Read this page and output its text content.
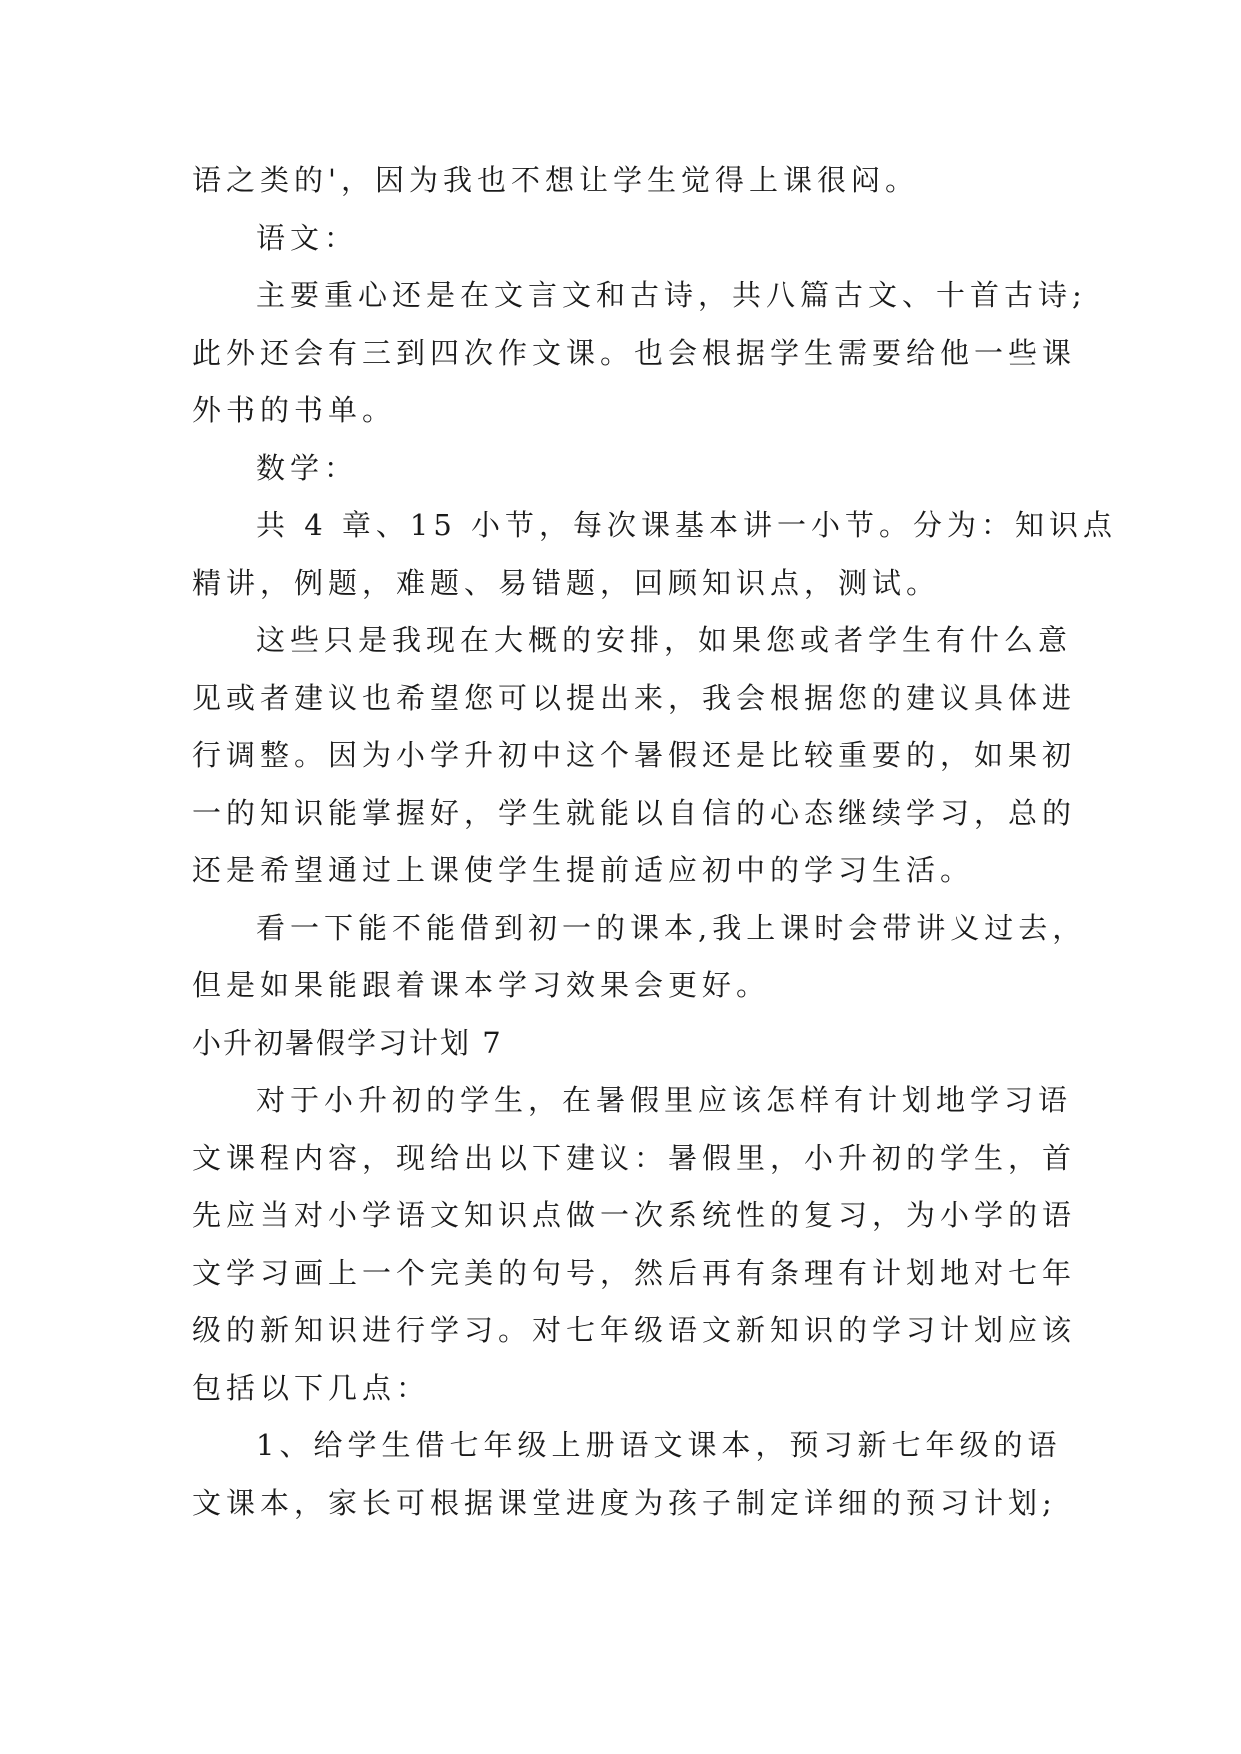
语之类的'，因为我也不想让学生觉得上课很闷。
语文：
主要重心还是在文言文和古诗，共八篇古文、十首古诗;
此外还会有三到四次作文课。也会根据学生需要给他一些课
外书的书单。
数学：
共 4 章、15 小节，每次课基本讲一小节。分为：知识点
精讲，例题，难题、易错题，回顾知识点，测试。
这些只是我现在大概的安排，如果您或者学生有什么意
见或者建议也希望您可以提出来，我会根据您的建议具体进
行调整。因为小学升初中这个暑假还是比较重要的，如果初
一的知识能掌握好，学生就能以自信的心态继续学习，总的
还是希望通过上课使学生提前适应初中的学习生活。
看一下能不能借到初一的课本,我上课时会带讲义过去，
但是如果能跟着课本学习效果会更好。
小升初暑假学习计划 7
对于小升初的学生，在暑假里应该怎样有计划地学习语
文课程内容，现给出以下建议：暑假里，小升初的学生，首
先应当对小学语文知识点做一次系统性的复习，为小学的语
文学习画上一个完美的句号，然后再有条理有计划地对七年
级的新知识进行学习。对七年级语文新知识的学习计划应该
包括以下几点：
1、给学生借七年级上册语文课本，预习新七年级的语
文课本，家长可根据课堂进度为孩子制定详细的预习计划;
